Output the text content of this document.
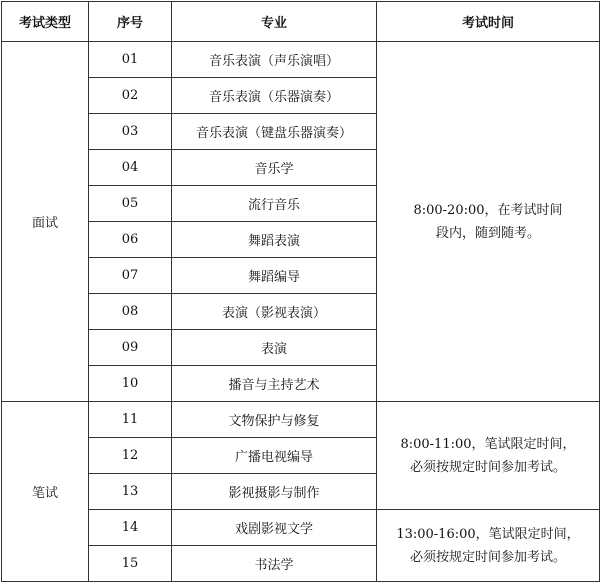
考试类型	序号	专业	考试时间
面试	01	音乐表演（声乐演唱）	8:00-20:00，在考试时间段内，随到随考。

	02	音乐表演（乐器演奏）	
	03	音乐表演（键盘乐器演奏）	
	04	音乐学	
	05	流行音乐	
	06	舞蹈表演	
	07	舞蹈编导	
	08	表演（影视表演）	
	09	表演	
	10	播音与主持艺术	
笔试	11	文物保护与修复	8:00-11:00，笔试限定时间，必须按规定时间参加考试。

	12	广播电视编导	
	13	影视摄影与制作	
	14	戏剧影视文学	13:00-16:00，笔试限定时间，必须按规定时间参加考试。

	15	书法学	
